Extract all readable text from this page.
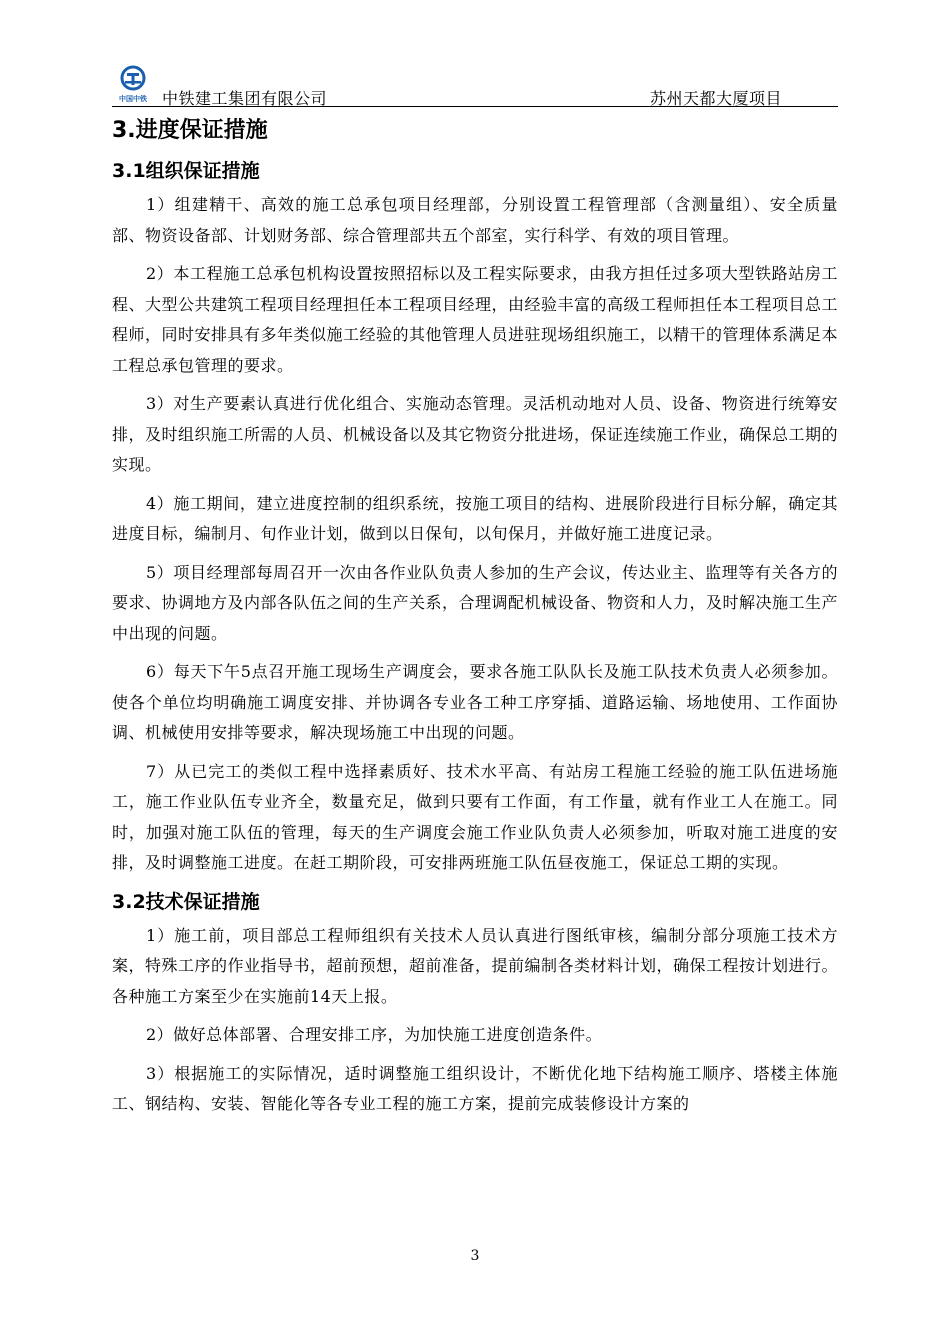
中国中铁 中铁建工集团有限公司	苏州天都大厦项目
3.进度保证措施
3.1组织保证措施

1）组建精干、高效的施工总承包项目经理部，分别设置工程管理部（含测量组）、安全质量部、物资设备部、计划财务部、综合管理部共五个部室，实行科学、有效的项目管理。

2）本工程施工总承包机构设置按照招标以及工程实际要求，由我方担任过多项大型铁路站房工程、大型公共建筑工程项目经理担任本工程项目经理，由经验丰富的高级工程师担任本工程项目总工程师，同时安排具有多年类似施工经验的其他管理人员进驻现场组织施工，以精干的管理体系满足本工程总承包管理的要求。

3）对生产要素认真进行优化组合、实施动态管理。灵活机动地对人员、设备、物资进行统筹安排，及时组织施工所需的人员、机械设备以及其它物资分批进场，保证连续施工作业，确保总工期的实现。

4）施工期间，建立进度控制的组织系统，按施工项目的结构、进展阶段进行目标分解，确定其进度目标，编制月、旬作业计划，做到以日保旬，以旬保月，并做好施工进度记录。

5）项目经理部每周召开一次由各作业队负责人参加的生产会议，传达业主、监理等有关各方的要求、协调地方及内部各队伍之间的生产关系，合理调配机械设备、物资和人力，及时解决施工生产中出现的问题。

6）每天下午5点召开施工现场生产调度会，要求各施工队队长及施工队技术负责人必须参加。使各个单位均明确施工调度安排、并协调各专业各工种工序穿插、道路运输、场地使用、工作面协调、机械使用安排等要求，解决现场施工中出现的问题。

7）从已完工的类似工程中选择素质好、技术水平高、有站房工程施工经验的施工队伍进场施工，施工作业队伍专业齐全，数量充足，做到只要有工作面，有工作量，就有作业工人在施工。同时，加强对施工队伍的管理，每天的生产调度会施工作业队负责人必须参加，听取对施工进度的安排，及时调整施工进度。在赶工期阶段，可安排两班施工队伍昼夜施工，保证总工期的实现。

3.2技术保证措施

1）施工前，项目部总工程师组织有关技术人员认真进行图纸审核，编制分部分项施工技术方案，特殊工序的作业指导书，超前预想，超前准备，提前编制各类材料计划，确保工程按计划进行。各种施工方案至少在实施前14天上报。

2）做好总体部署、合理安排工序，为加快施工进度创造条件。

3）根据施工的实际情况，适时调整施工组织设计，不断优化地下结构施工顺序、塔楼主体施工、钢结构、安装、智能化等各专业工程的施工方案，提前完成装修设计方案的

3
